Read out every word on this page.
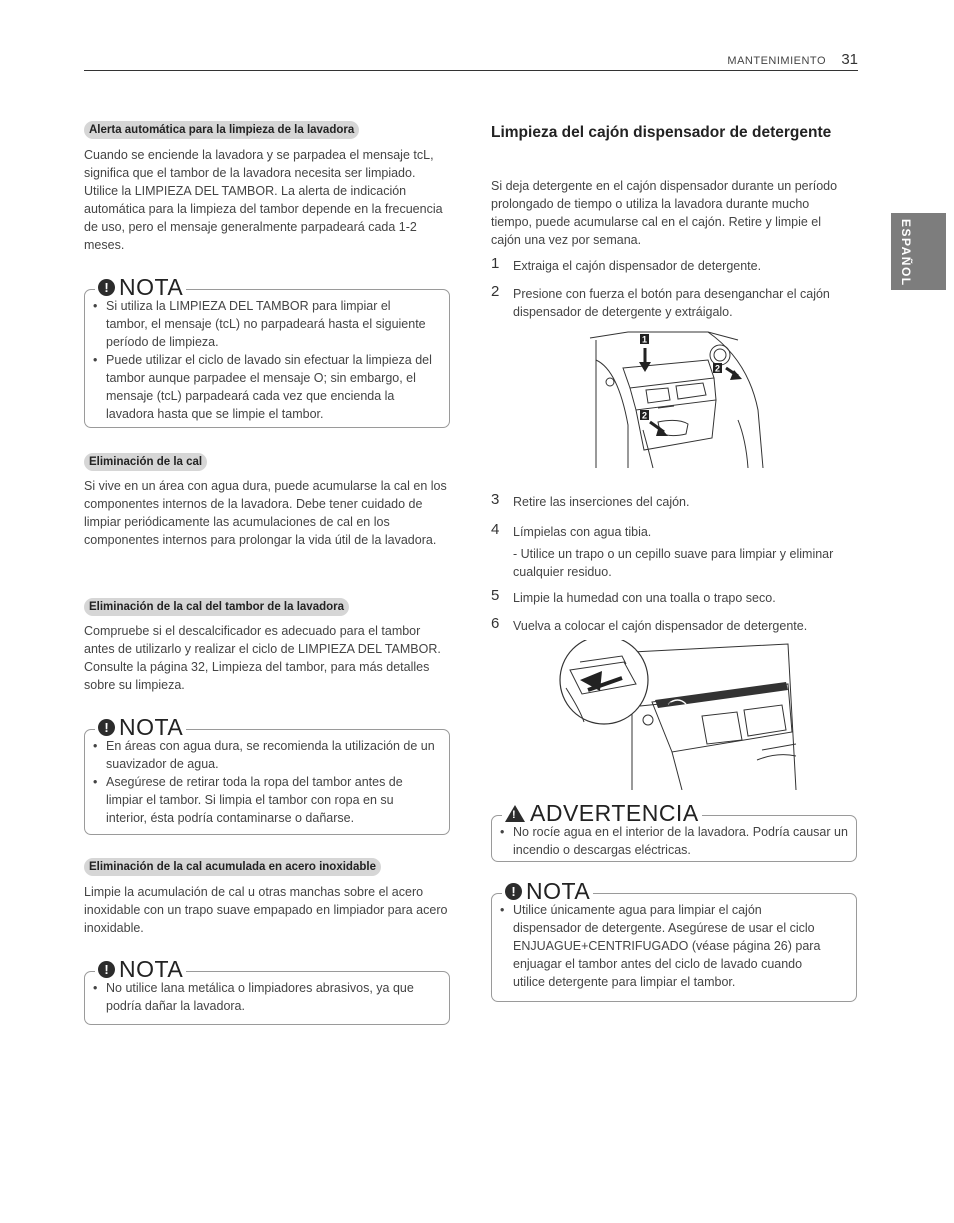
MANTENIMIENTO 31
ESPAÑOL
Alerta automática para la limpieza de la lavadora
Cuando se enciende la lavadora y se parpadea el mensaje tcL, significa que el tambor de la lavadora necesita ser limpiado. Utilice la LIMPIEZA DEL TAMBOR. La alerta de indicación automática para la limpieza del tambor depende en la frecuencia de uso, pero el mensaje generalmente parpadeará cada 1-2 meses.
! NOTA
• Si utiliza la LIMPIEZA DEL TAMBOR para limpiar el tambor, el mensaje (tcL) no parpadeará hasta el siguiente período de limpieza.
• Puede utilizar el ciclo de lavado sin efectuar la limpieza del tambor aunque parpadee el mensaje O; sin embargo, el mensaje (tcL) parpadeará cada vez que encienda la lavadora hasta que se limpie el tambor.
Eliminación de la cal
Si vive en un área con agua dura, puede acumularse la cal en los componentes internos de la lavadora. Debe tener cuidado de limpiar periódicamente las acumulaciones de cal en los componentes internos para prolongar la vida útil de la lavadora.
Eliminación de la cal del tambor de la lavadora
Compruebe si el descalcificador es adecuado para el tambor antes de utilizarlo y realizar el ciclo de LIMPIEZA DEL TAMBOR. Consulte la página 32, Limpieza del tambor, para más detalles sobre su limpieza.
! NOTA
• En áreas con agua dura, se recomienda la utilización de un suavizador de agua.
• Asegúrese de retirar toda la ropa del tambor antes de limpiar el tambor. Si limpia el tambor con ropa en su interior, ésta podría contaminarse o dañarse.
Eliminación de la cal acumulada en acero inoxidable
Limpie la acumulación de cal u otras manchas sobre el acero inoxidable con un trapo suave empapado en limpiador para acero inoxidable.
! NOTA
• No utilice lana metálica o limpiadores abrasivos, ya que podría dañar la lavadora.
Limpieza del cajón dispensador de detergente
Si deja detergente en el cajón dispensador durante un período prolongado de tiempo o utiliza la lavadora durante mucho tiempo, puede acumularse cal en el cajón. Retire y limpie el cajón una vez por semana.
1	Extraiga el cajón dispensador de detergente.
2	Presione con fuerza el botón para desenganchar el cajón dispensador de detergente y extráigalo.
1
2
2
3	Retire las inserciones del cajón.
4	Límpielas con agua tibia.
- Utilice un trapo o un cepillo suave para limpiar y eliminar cualquier residuo.
5	Limpie la humedad con una toalla o trapo seco.
6	Vuelva a colocar el cajón dispensador de detergente.
! ADVERTENCIA
• No rocíe agua en el interior de la lavadora. Podría causar un incendio o descargas eléctricas.
! NOTA
• Utilice únicamente agua para limpiar el cajón dispensador de detergente. Asegúrese de usar el ciclo ENJUAGUE+CENTRIFUGADO (véase página 26) para enjuagar el tambor antes del ciclo de lavado cuando utilice detergente para limpiar el tambor.
